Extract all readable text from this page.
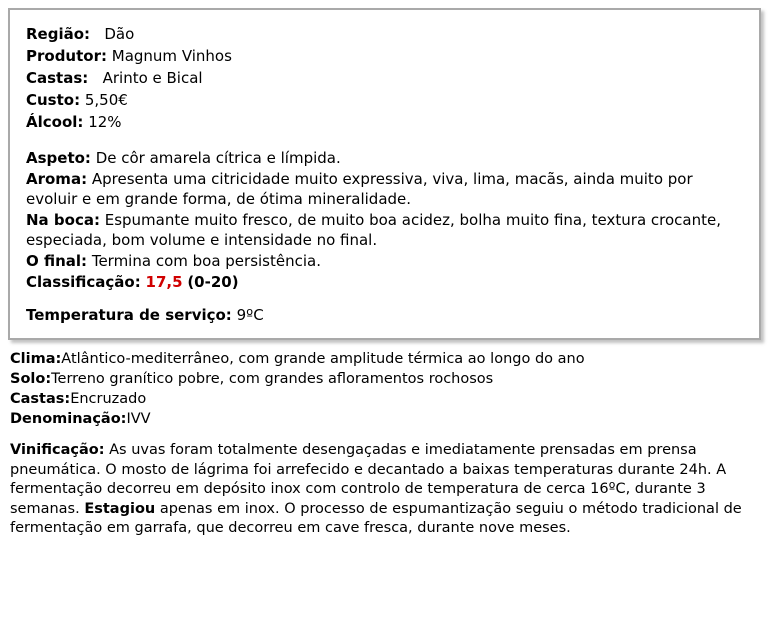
Região: Dão
Produtor: Magnum Vinhos
Castas: Arinto e Bical
Custo: 5,50€
Álcool: 12%
Aspeto: De côr amarela cítrica e límpida.
Aroma: Apresenta uma citricidade muito expressiva, viva, lima, macãs, ainda muito por evoluir e em grande forma, de ótima mineralidade.
Na boca: Espumante muito fresco, de muito boa acidez, bolha muito fina, textura crocante, especiada, bom volume e intensidade no final.
O final: Termina com boa persistência.
Classificação: 17,5 (0-20)
Temperatura de serviço: 9ºC
Clima:Atlântico-mediterrâneo, com grande amplitude térmica ao longo do ano
Solo:Terreno granítico pobre, com grandes afloramentos rochosos
Castas:Encruzado
Denominação:IVV
Vinificação: As uvas foram totalmente desengaçadas e imediatamente prensadas em prensa pneumática. O mosto de lágrima foi arrefecido e decantado a baixas temperaturas durante 24h. A fermentação decorreu em depósito inox com controlo de temperatura de cerca 16ºC, durante 3 semanas. Estagiou apenas em inox. O processo de espumantização seguiu o método tradicional de fermentação em garrafa, que decorreu em cave fresca, durante nove meses.
